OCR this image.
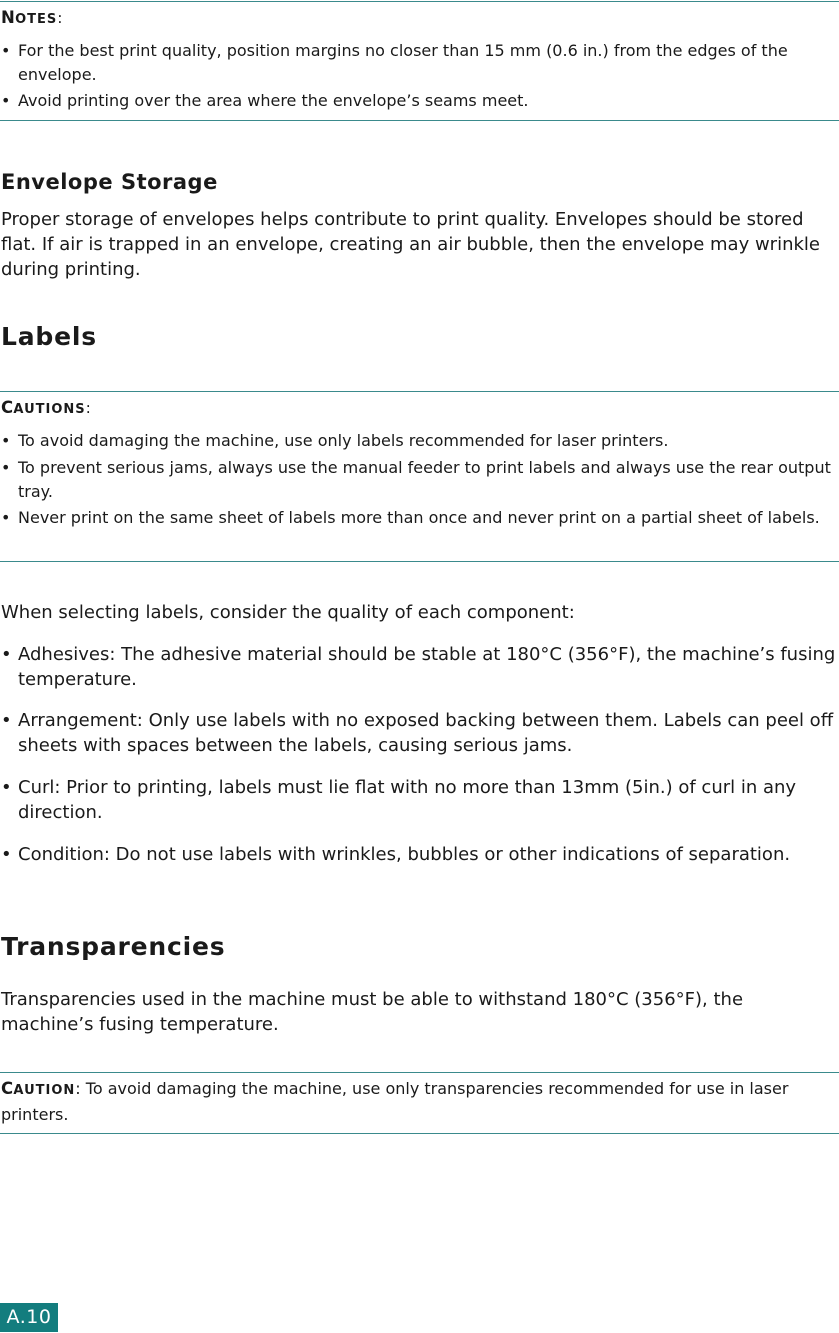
NOTES:
• For the best print quality, position margins no closer than 15 mm (0.6 in.) from the edges of the envelope.
• Avoid printing over the area where the envelope’s seams meet.
Envelope Storage
Proper storage of envelopes helps contribute to print quality. Envelopes should be stored flat. If air is trapped in an envelope, creating an air bubble, then the envelope may wrinkle during printing.
Labels
CAUTIONS:
• To avoid damaging the machine, use only labels recommended for laser printers.
• To prevent serious jams, always use the manual feeder to print labels and always use the rear output tray.
• Never print on the same sheet of labels more than once and never print on a partial sheet of labels.
When selecting labels, consider the quality of each component:
• Adhesives: The adhesive material should be stable at 180°C (356°F), the machine’s fusing temperature.
• Arrangement: Only use labels with no exposed backing between them. Labels can peel off sheets with spaces between the labels, causing serious jams.
• Curl: Prior to printing, labels must lie flat with no more than 13mm (5in.) of curl in any direction.
• Condition: Do not use labels with wrinkles, bubbles or other indications of separation.
Transparencies
Transparencies used in the machine must be able to withstand 180°C (356°F), the machine’s fusing temperature.
CAUTION: To avoid damaging the machine, use only transparencies recommended for use in laser printers.
A.10
